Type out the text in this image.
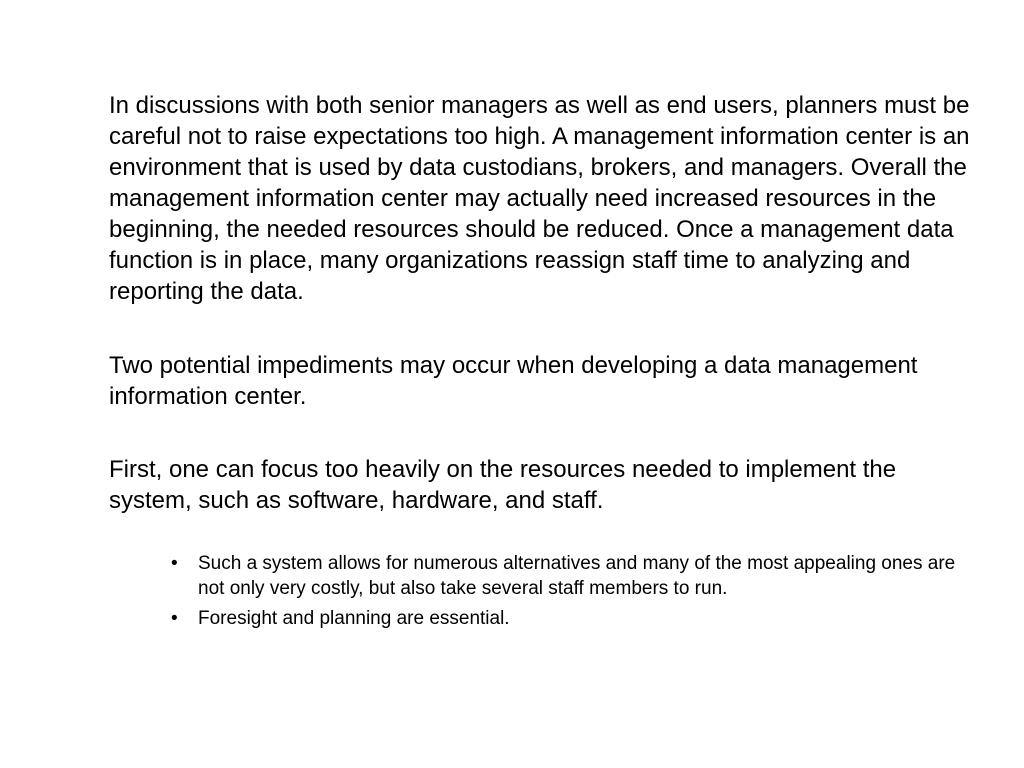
In discussions with both senior managers as well as end users, planners must be careful not to raise expectations too high. A management information center is an environment that is used by data custodians, brokers, and managers. Overall the management information center may actually need increased resources in the beginning, the needed resources should be reduced. Once a management data function is in place, many organizations reassign staff time to analyzing and reporting the data.

Two potential impediments may occur when developing a data management information center.

First, one can focus too heavily on the resources needed to implement the system, such as software, hardware, and staff.

• Such a system allows for numerous alternatives and many of the most appealing ones are not only very costly, but also take several staff members to run.
• Foresight and planning are essential.
